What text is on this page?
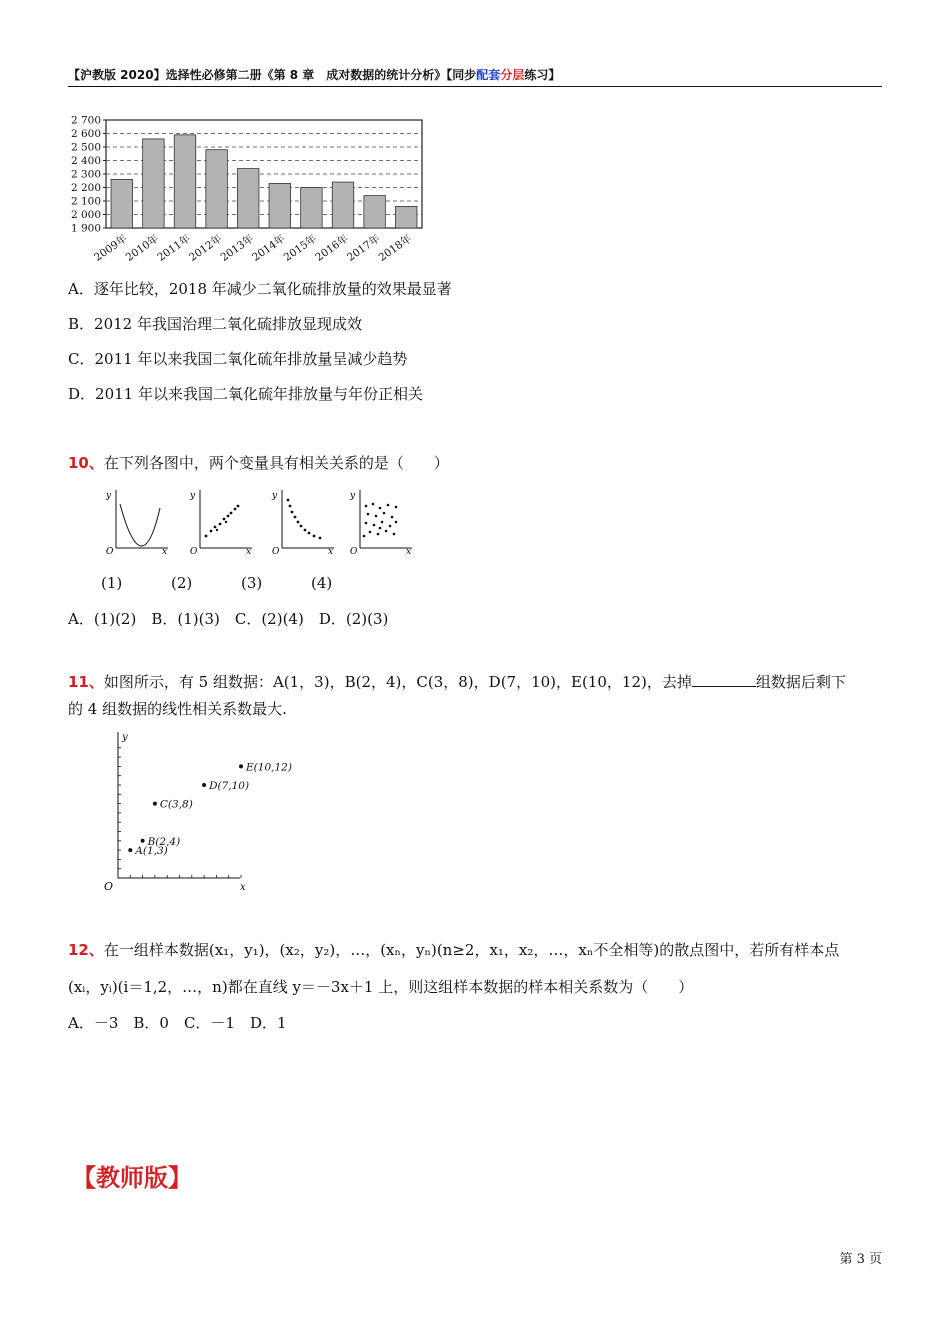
【沪教版 2020】选择性必修第二册《第 8 章　成对数据的统计分析》【同步配套分层练习】
1 900
2 000
2 100
2 200
2 300
2 400
2 500
2 600
2 700
2009年
2010年
2011年
2012年
2013年
2014年
2015年
2016年
2017年
2018年
A．逐年比较，2018 年减少二氧化硫排放量的效果最显著
B．2012 年我国治理二氧化硫排放显现成效
C．2011 年以来我国二氧化硫年排放量呈减少趋势
D．2011 年以来我国二氧化硫年排放量与年份正相关
10、在下列各图中，两个变量具有相关关系的是（　　）
y
x
O
y
x
O
y
x
O
y
x
O
(1)	(2)	(3)	(4)
A．(1)(2)　B．(1)(3)　C．(2)(4)　D．(2)(3)
11、如图所示，有 5 组数据：A(1，3)，B(2，4)，C(3，8)，D(7，10)，E(10，12)，去掉	组数据后剩下
的 4 组数据的线性相关系数最大.
y
x
O
A(1,3)
B(2,4)
C(3,8)
D(7,10)
E(10,12)
12、在一组样本数据(x₁，y₁)，(x₂，y₂)，…，(xₙ，yₙ)(n≥2，x₁，x₂，…，xₙ不全相等)的散点图中，若所有样本点
(xᵢ，yᵢ)(i＝1,2，…，n)都在直线 y＝－3x＋1 上，则这组样本数据的样本相关系数为（　　）
A．－3　B．0　C．－1　D．1
【教师版】
第 3 页
